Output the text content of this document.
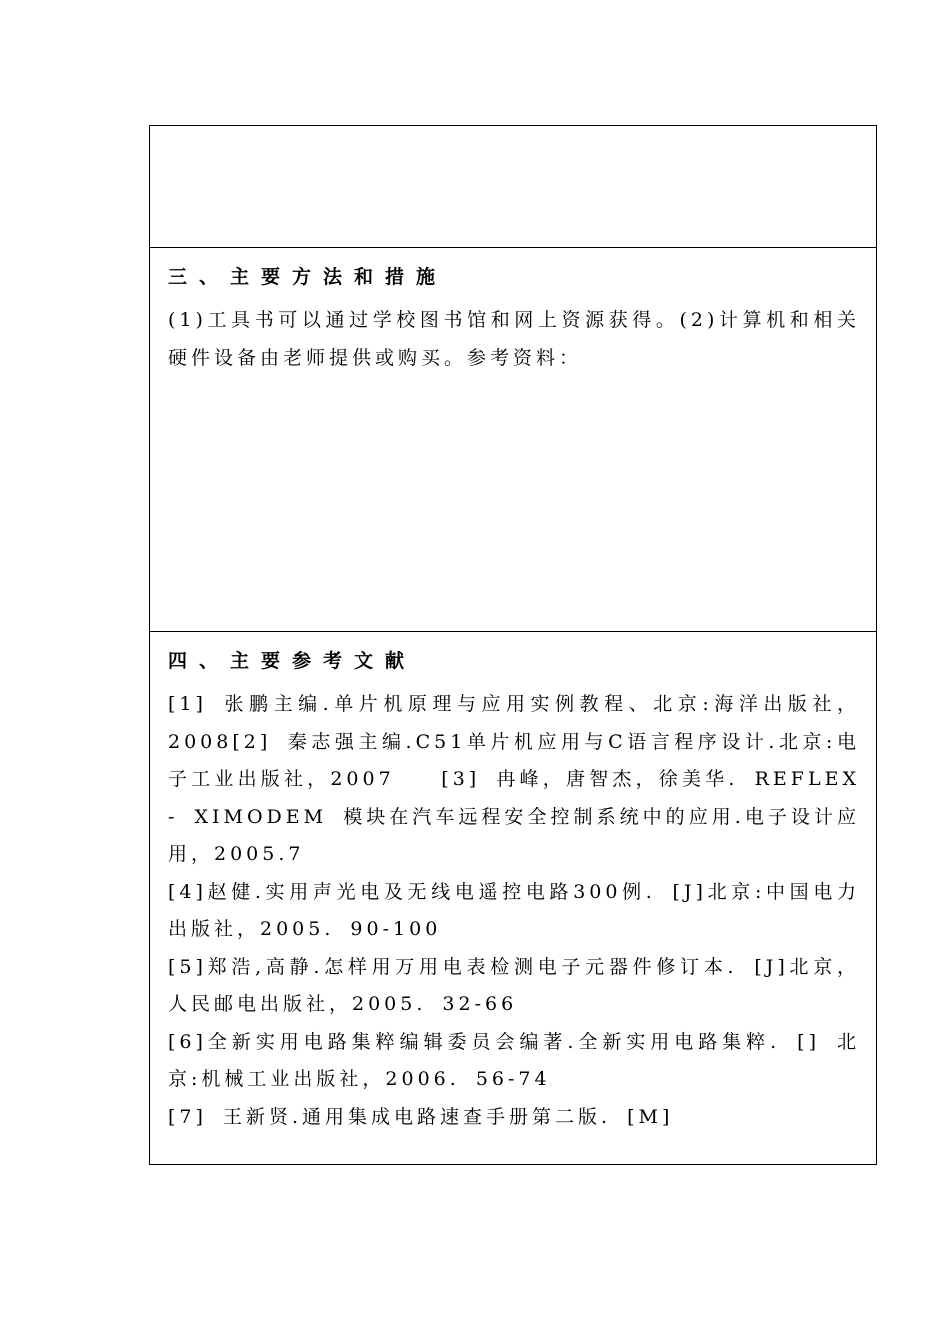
三、主要方法和措施
(1)工具书可以通过学校图书馆和网上资源获得。(2)计算机和相关硬件设备由老师提供或购买。参考资料：
四、主要参考文献
[1] 张鹏主编.单片机原理与应用实例教程、北京:海洋出版社，2008[2] 秦志强主编.C51单片机应用与C语言程序设计.北京:电子工业出版社，2007　　[3] 冉峰，唐智杰，徐美华. REFLEX - XIMODEM 模块在汽车远程安全控制系统中的应用.电子设计应用，2005.7
[4]赵健.实用声光电及无线电遥控电路300例. [J]北京:中国电力出版社，2005. 90-100
[5]郑浩,高静.怎样用万用电表检测电子元器件修订本. [J]北京，人民邮电出版社，2005. 32-66
[6]全新实用电路集粹编辑委员会编著.全新实用电路集粹. [] 北京:机械工业出版社，2006. 56-74
[7] 王新贤.通用集成电路速查手册第二版. [M]
